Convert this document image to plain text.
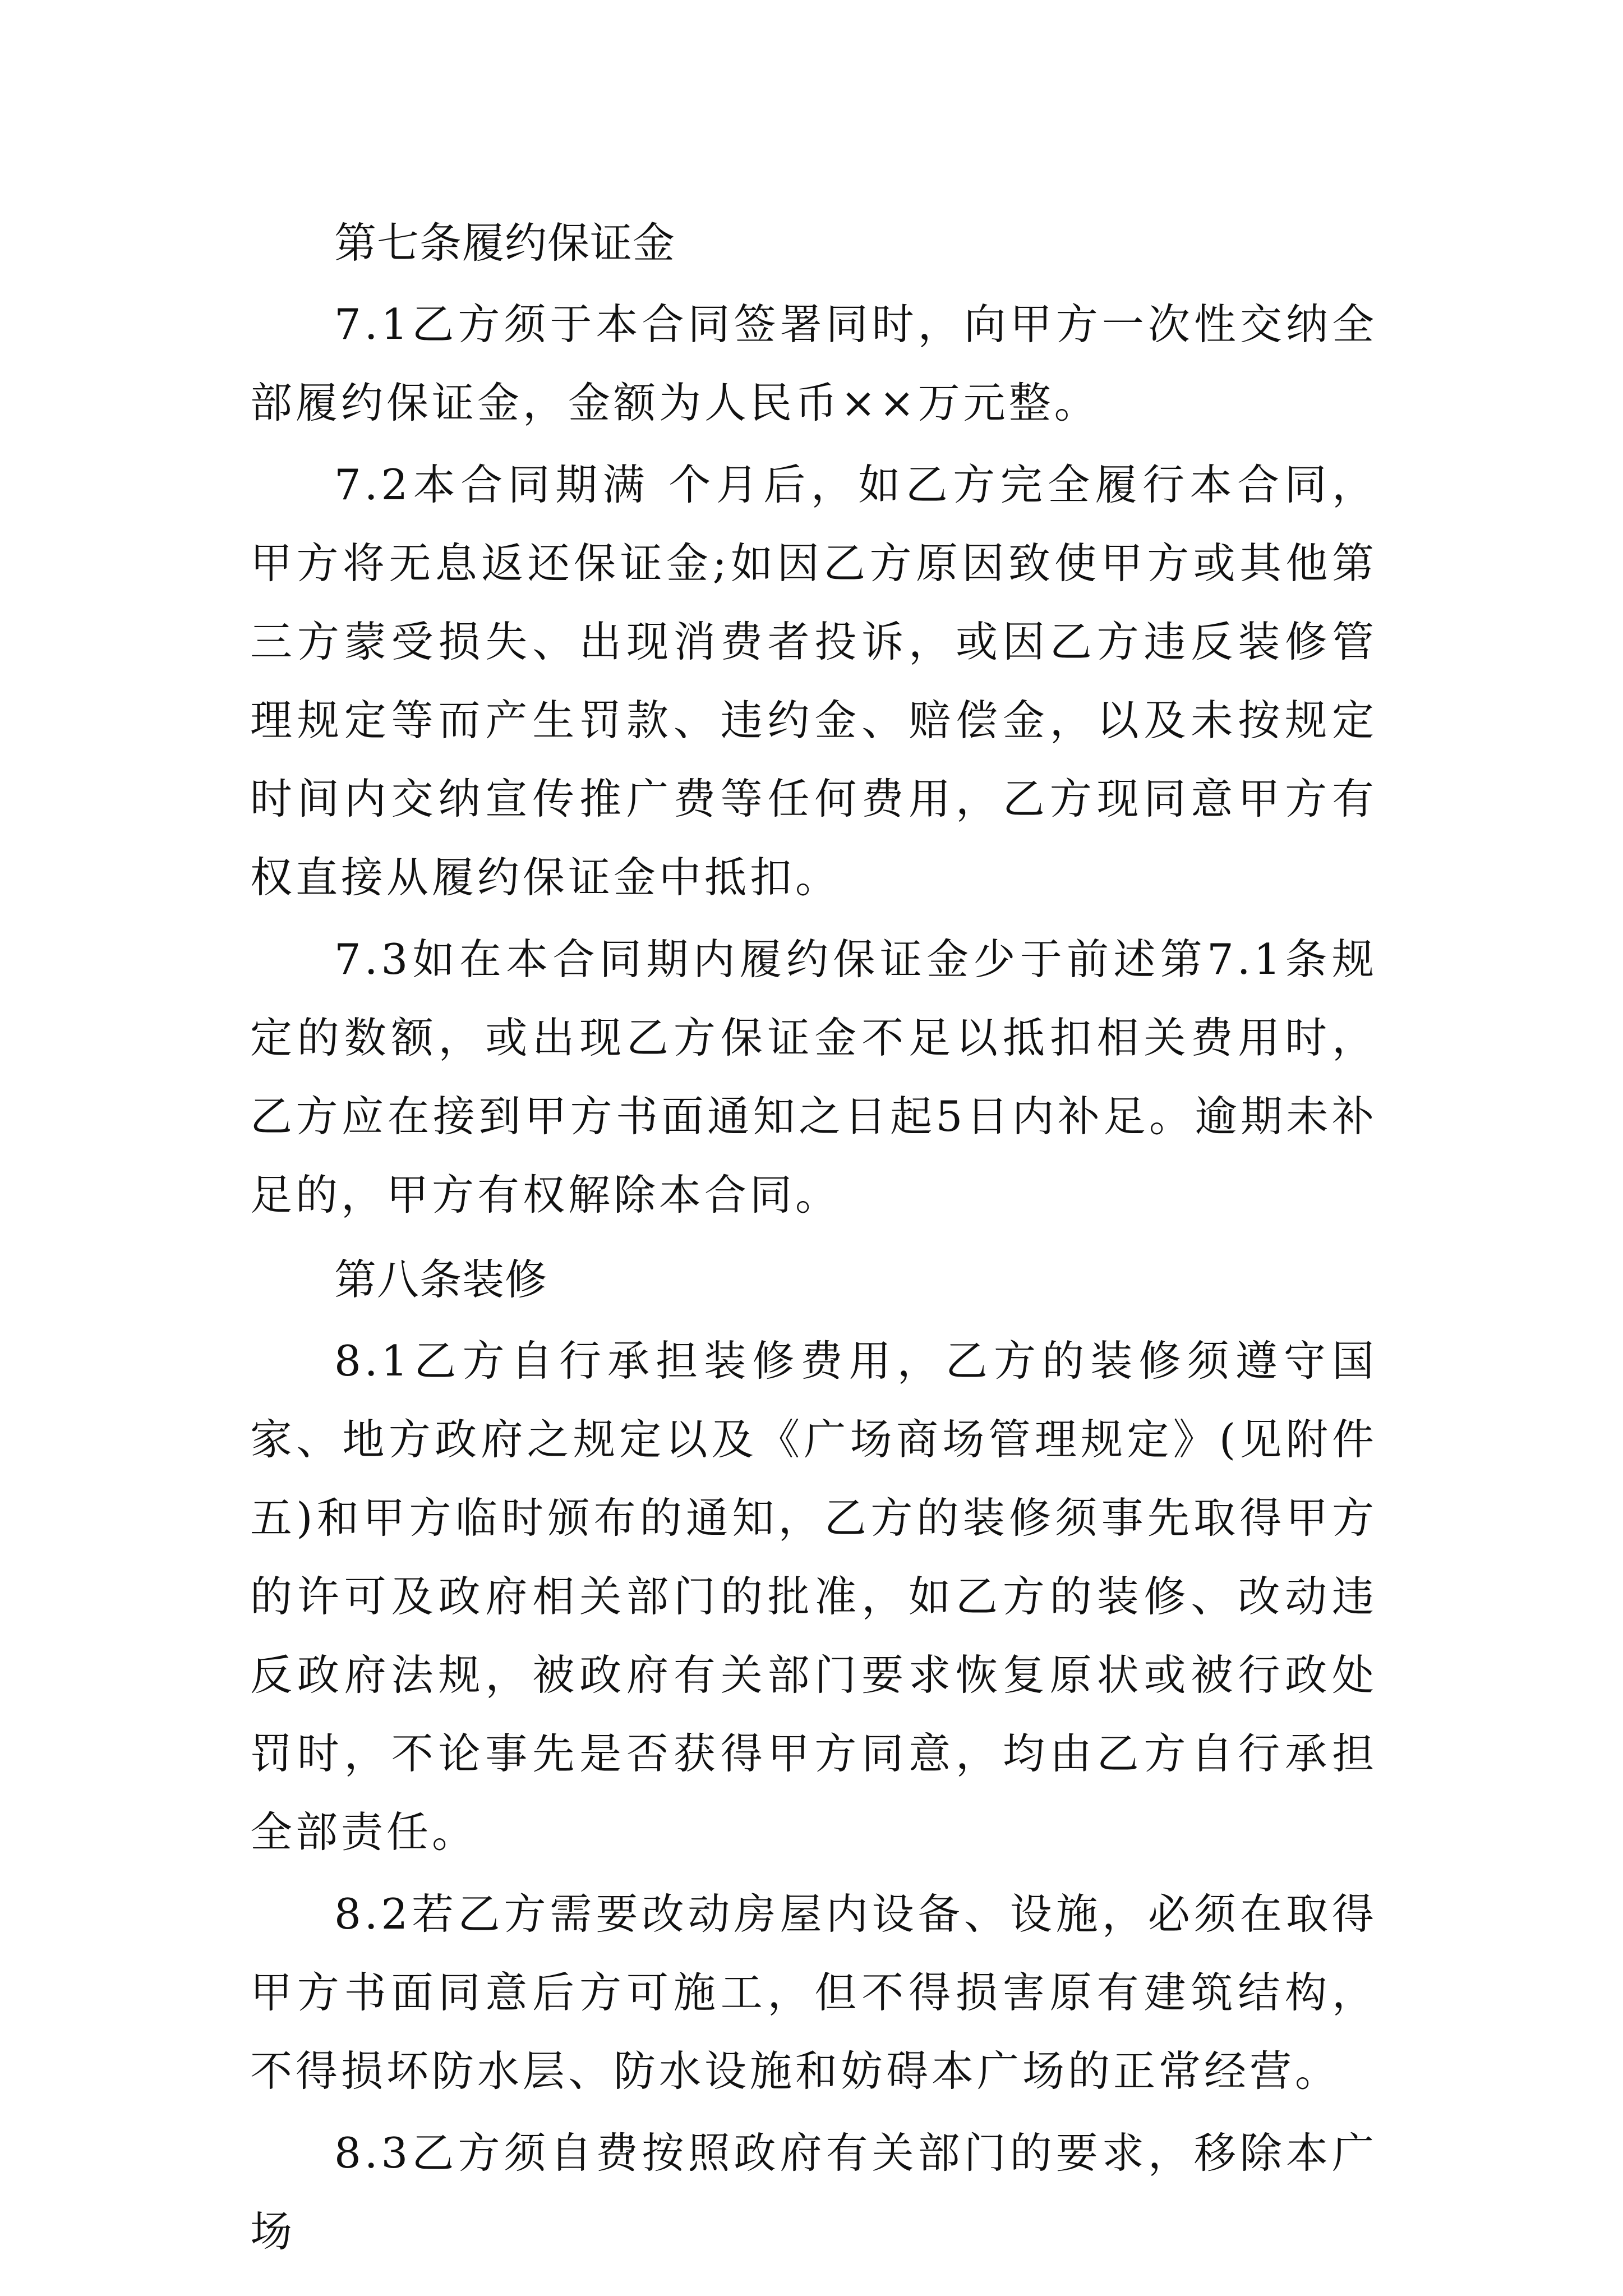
第七条履约保证金

7.1乙方须于本合同签署同时，向甲方一次性交纳全部履约保证金，金额为人民币××万元整。

7.2本合同期满 个月后，如乙方完全履行本合同，甲方将无息返还保证金;如因乙方原因致使甲方或其他第三方蒙受损失、出现消费者投诉，或因乙方违反装修管理规定等而产生罚款、违约金、赔偿金，以及未按规定时间内交纳宣传推广费等任何费用，乙方现同意甲方有权直接从履约保证金中抵扣。

7.3如在本合同期内履约保证金少于前述第7.1条规定的数额，或出现乙方保证金不足以抵扣相关费用时，乙方应在接到甲方书面通知之日起5日内补足。逾期未补足的，甲方有权解除本合同。

第八条装修

8.1乙方自行承担装修费用，乙方的装修须遵守国家、地方政府之规定以及《广场商场管理规定》(见附件五)和甲方临时颁布的通知，乙方的装修须事先取得甲方的许可及政府相关部门的批准，如乙方的装修、改动违反政府法规，被政府有关部门要求恢复原状或被行政处罚时，不论事先是否获得甲方同意，均由乙方自行承担全部责任。

8.2若乙方需要改动房屋内设备、设施，必须在取得甲方书面同意后方可施工，但不得损害原有建筑结构，不得损坏防水层、防水设施和妨碍本广场的正常经营。

8.3乙方须自费按照政府有关部门的要求，移除本广场
